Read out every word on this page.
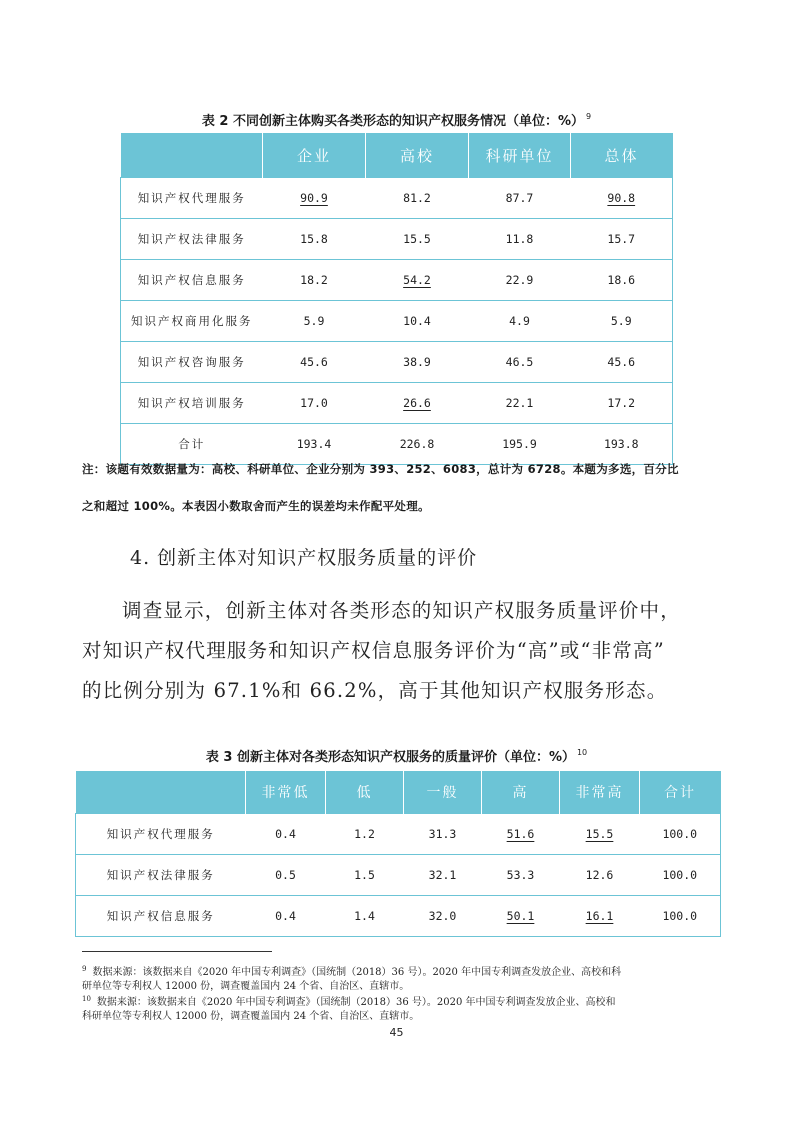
表 2 不同创新主体购买各类形态的知识产权服务情况（单位：%） $^9$
	企业	高校	科研单位	总体
知识产权代理服务	90.9	81.2	87.7	90.8
知识产权法律服务	15.8	15.5	11.8	15.7
知识产权信息服务	18.2	54.2	22.9	18.6
知识产权商用化服务	5.9	10.4	4.9	5.9
知识产权咨询服务	45.6	38.9	46.5	45.6
知识产权培训服务	17.0	26.6	22.1	17.2
合计	193.4	226.8	195.9	193.8
注：该题有效数据量为：高校、科研单位、企业分别为 393、252、6083，总计为 6728。本题为多选，百分比
之和超过 100%。本表因小数取舍而产生的误差均未作配平处理。
4. 创新主体对知识产权服务质量的评价
调查显示，创新主体对各类形态的知识产权服务质量评价中，
对知识产权代理服务和知识产权信息服务评价为“高”或“非常高”
的比例分别为 67.1%和 66.2%，高于其他知识产权服务形态。
表 3 创新主体对各类形态知识产权服务的质量评价（单位：%） $^{10}$
	非常低	低	一般	高	非常高	合计
知识产权代理服务	0.4	1.2	31.3	51.6	15.5	100.0
知识产权法律服务	0.5	1.5	32.1	53.3	12.6	100.0
知识产权信息服务	0.4	1.4	32.0	50.1	16.1	100.0
$^9$ 数据来源：该数据来自《2020 年中国专利调查》（国统制（2018）36 号）。2020 年中国专利调查发放企业、高校和科
研单位等专利权人 12000 份，调查覆盖国内 24 个省、自治区、直辖市。
$^{10}$ 数据来源：该数据来自《2020 年中国专利调查》（国统制（2018）36 号）。2020 年中国专利调查发放企业、高校和
科研单位等专利权人 12000 份，调查覆盖国内 24 个省、自治区、直辖市。
45
